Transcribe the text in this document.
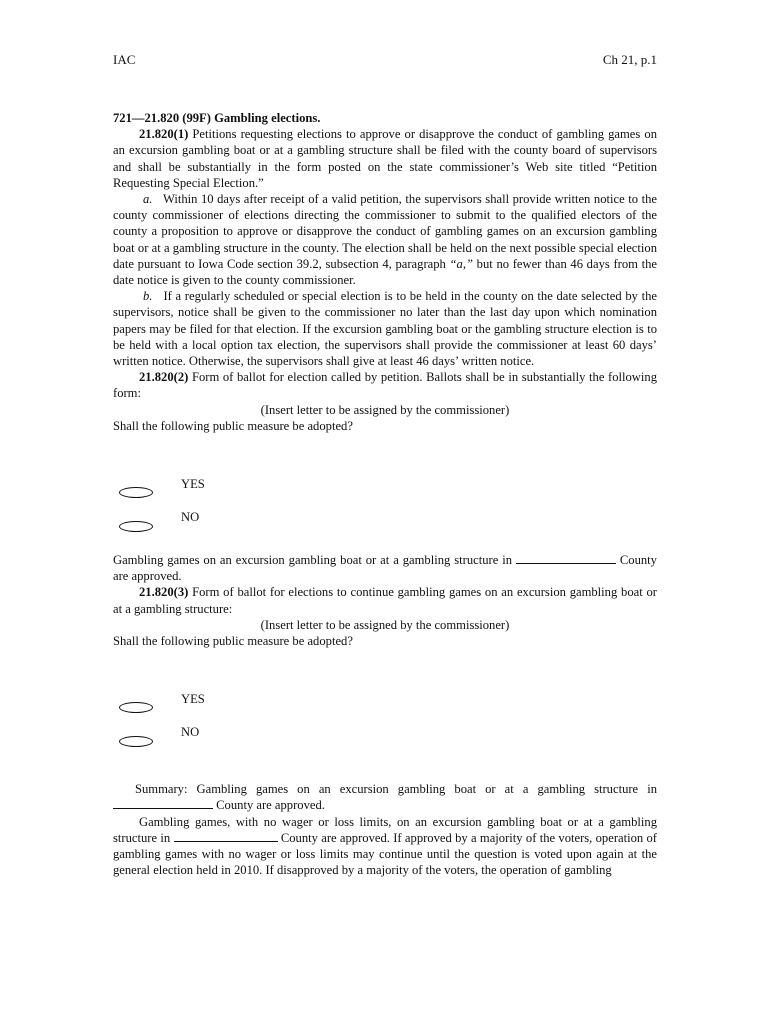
IAC	Ch 21, p.1

721—21.820 (99F) Gambling elections.

21.820(1) Petitions requesting elections to approve or disapprove the conduct of gambling games on an excursion gambling boat or at a gambling structure shall be filed with the county board of supervisors and shall be substantially in the form posted on the state commissioner’s Web site titled “Petition Requesting Special Election.”

a. Within 10 days after receipt of a valid petition, the supervisors shall provide written notice to the county commissioner of elections directing the commissioner to submit to the qualified electors of the county a proposition to approve or disapprove the conduct of gambling games on an excursion gambling boat or at a gambling structure in the county. The election shall be held on the next possible special election date pursuant to Iowa Code section 39.2, subsection 4, paragraph “a,” but no fewer than 46 days from the date notice is given to the county commissioner.

b. If a regularly scheduled or special election is to be held in the county on the date selected by the supervisors, notice shall be given to the commissioner no later than the last day upon which nomination papers may be filed for that election. If the excursion gambling boat or the gambling structure election is to be held with a local option tax election, the supervisors shall provide the commissioner at least 60 days’ written notice. Otherwise, the supervisors shall give at least 46 days’ written notice.

21.820(2) Form of ballot for election called by petition. Ballots shall be in substantially the following form:

(Insert letter to be assigned by the commissioner)

Shall the following public measure be adopted?

YES
NO

Gambling games on an excursion gambling boat or at a gambling structure in	County are approved.

21.820(3) Form of ballot for elections to continue gambling games on an excursion gambling boat or at a gambling structure:

(Insert letter to be assigned by the commissioner)

Shall the following public measure be adopted?

YES
NO

Summary: Gambling games on an excursion gambling boat or at a gambling structure in  County are approved.

Gambling games, with no wager or loss limits, on an excursion gambling boat or at a gambling structure in	County are approved. If approved by a majority of the voters, operation of gambling games with no wager or loss limits may continue until the question is voted upon again at the general election held in 2010. If disapproved by a majority of the voters, the operation of gambling
